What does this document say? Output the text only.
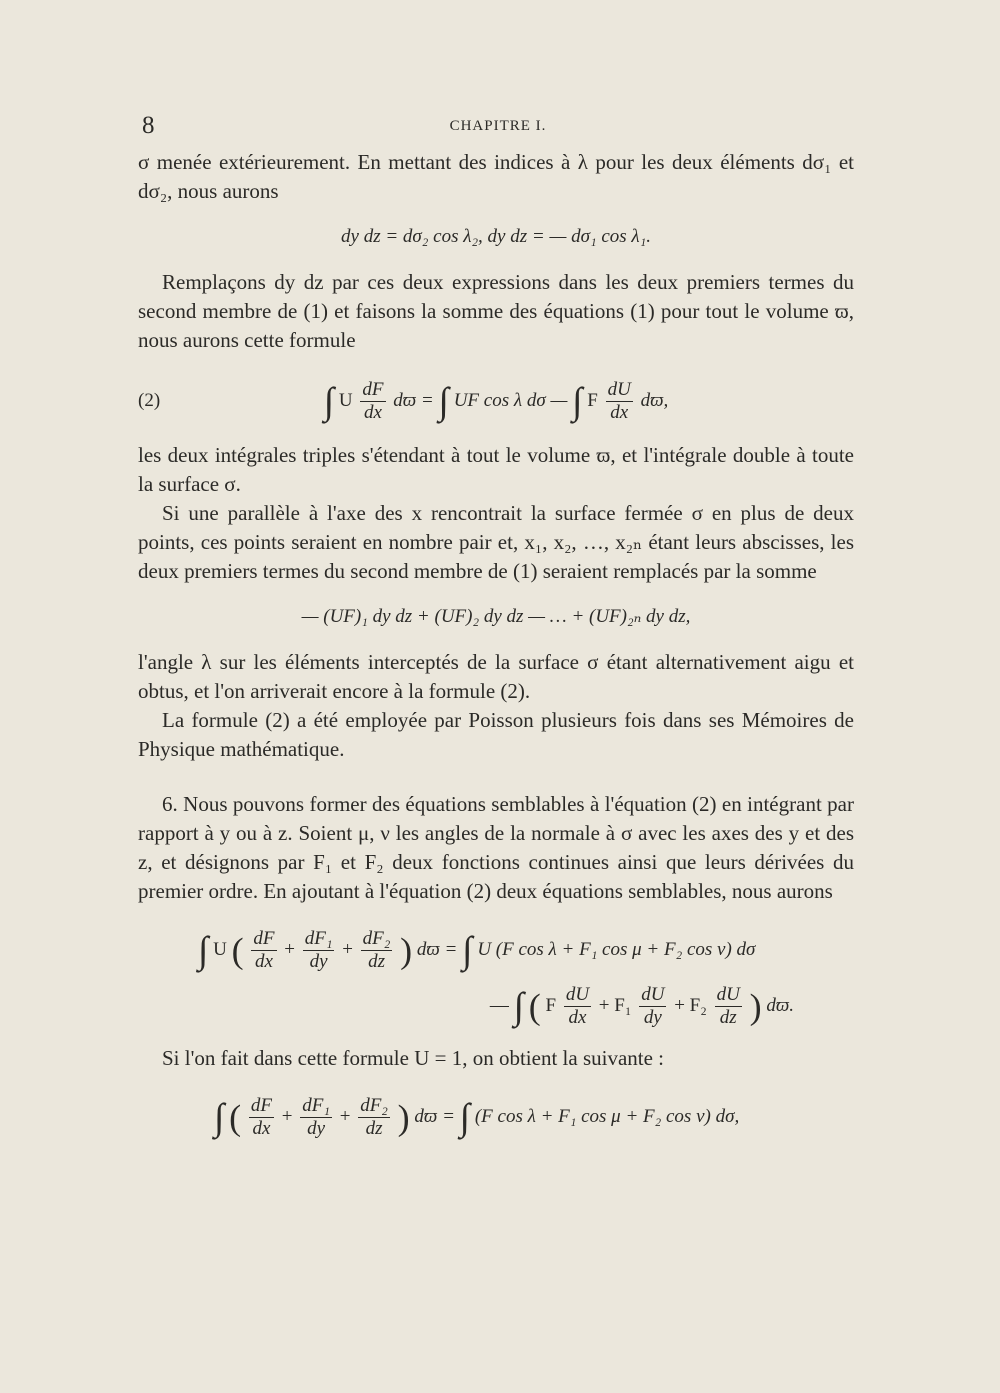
8	CHAPITRE I.

σ menée extérieurement. En mettant des indices à λ pour les deux éléments dσ₁ et dσ₂, nous aurons

dy dz = dσ₂ cos λ₂, dy dz = — dσ₁ cos λ₁.

Remplaçons dy dz par ces deux expressions dans les deux premiers termes du second membre de (1) et faisons la somme des équations (1) pour tout le volume ϖ, nous aurons cette formule

(2)	∫ U $\frac{dF}{dx}$ dϖ = ∫ UF cos λ dσ — ∫ F $\frac{dU}{dx} dϖ$,

les deux intégrales triples s'étendant à tout le volume ϖ, et l'intégrale double à toute la surface σ.

Si une parallèle à l'axe des x rencontrait la surface fermée σ en plus de deux points, ces points seraient en nombre pair et, x₁, x₂, …, x₂ₙ étant leurs abscisses, les deux premiers termes du second membre de (1) seraient remplacés par la somme

— (UF)₁ dy dz + (UF)₂ dy dz — … + (UF)₂ₙ dy dz,

l'angle λ sur les éléments interceptés de la surface σ étant alternativement aigu et obtus, et l'on arriverait encore à la formule (2).

La formule (2) a été employée par Poisson plusieurs fois dans ses Mémoires de Physique mathématique.

6. Nous pouvons former des équations semblables à l'équation (2) en intégrant par rapport à y ou à z. Soient μ, ν les angles de la normale à σ avec les axes des y et des z, et désignons par F₁ et F₂ deux fonctions continues ainsi que leurs dérivées du premier ordre. En ajoutant à l'équation (2) deux équations semblables, nous aurons

∫ U ( $\frac{dF}{dx} + \frac{\text{dF₁}}{dy} + \frac{\text{dF₂}}{dz}$ ) dϖ = ∫ U (F cos λ + F₁ cos μ + F₂ cos ν) dσ
— ∫ ( F $\frac{dU}{dx} + F_1 \frac{dU}{dy} + F_2 \frac{dU}{dz}$ ) dϖ.

Si l'on fait dans cette formule U = 1, on obtient la suivante :

∫ ( $\frac{dF}{dx} + \frac{\text{dF₁}}{dy} + \frac{\text{dF₂}}{dz}$ ) dϖ = ∫ (F cos λ + F₁ cos μ + F₂ cos ν) dσ,
